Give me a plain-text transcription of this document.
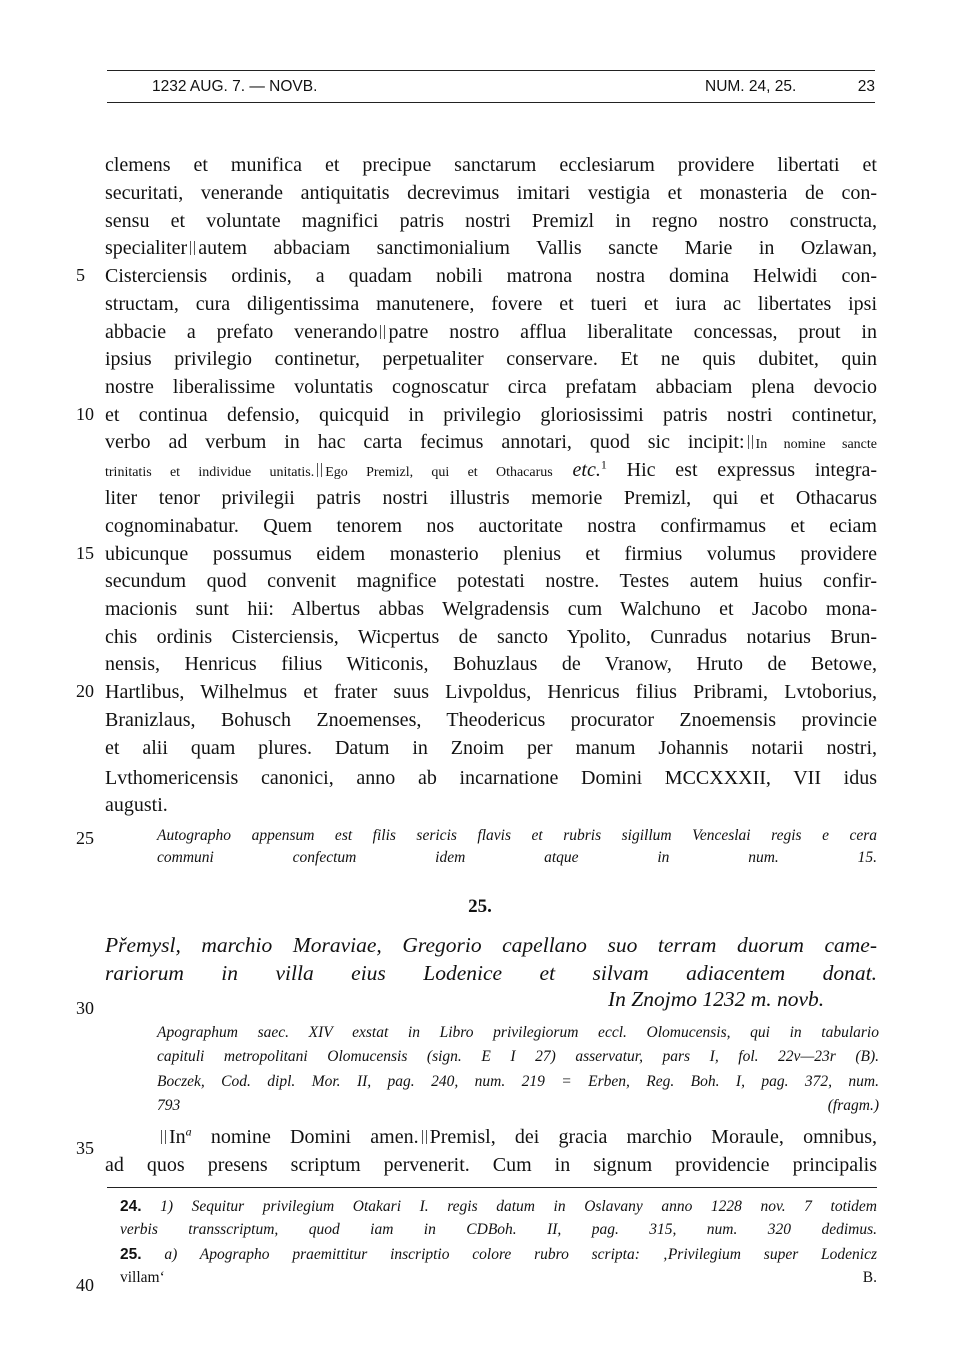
1232 AUG. 7. — NOVB.	NUM. 24, 25.	23
clemens et munifica et precipue sanctarum ecclesiarum providere libertati et
securitati, venerande antiquitatis decrevimus imitari vestigia et monasteria de con-
sensu et voluntate magnifici patris nostri Premizl in regno nostro constructa,
specialiter autem abbaciam sanctimonialium Vallis sancte Marie in Ozlawan,
5	Cisterciensis ordinis, a quadam nobili matrona nostra domina Helwidi con-
structam, cura diligentissima manutenere, fovere et tueri et iura ac libertates ipsi
abbacie a prefato venerando patre nostro afflua liberalitate concessas, prout in
ipsius privilegio continetur, perpetualiter conservare. Et ne quis dubitet, quin
nostre liberalissime voluntatis cognoscatur circa prefatam abbaciam plena devocio
10 et continua defensio, quicquid in privilegio gloriosissimi patris nostri continetur,
verbo ad verbum in hac carta fecimus annotari, quod sic incipit: In nomine sancte
trinitatis et individue unitatis. Ego Premizl, qui et Othacarus etc.$^1$ Hic est expressus integra-
liter tenor privilegii patris nostri illustris memorie Premizl, qui et Othacarus
cognominabatur. Quem tenorem nos auctoritate nostra confirmamus et eciam
15 ubicunque possumus eidem monasterio plenius et firmius volumus providere
secundum quod convenit magnifice potestati nostre. Testes autem huius confir-
macionis sunt hii: Albertus abbas Welgradensis cum Walchuno et Jacobo mona-
chis ordinis Cisterciensis, Wicpertus de sancto Ypolito, Cunradus notarius Brun-
nensis, Henricus filius Witiconis, Bohuzlaus de Vranow, Hruto de Betowe,
20 Hartlibus, Wilhelmus et frater suus Livpoldus, Henricus filius Pribrami, Lvtoborius,
Branizlaus, Bohusch Znoemenses, Theodericus procurator Znoemensis provincie
et alii quam plures. Datum in Znoim per manum Johannis notarii nostri,
Lvthomericensis canonici, anno ab incarnatione Domini MCCXXXII, VII idus
augusti.
25	Autographo appensum est filis sericis flavis et rubris sigillum Venceslai regis e cera
communi confectum idem atque in num. 15.
25.
Přemysl, marchio Moraviae, Gregorio capellano suo terram duorum came-
rariorum in villa eius Lodenice et silvam adiacentem donat.
30	In Znojmo 1232 m. novb.
Apographum saec. XIV exstat in Libro privilegiorum eccl. Olomucensis, qui in tabulario
capituli metropolitani Olomucensis (sign. E I 27) asservatur, pars I, fol. 22v—23r (B).
Boczek, Cod. dipl. Mor. II, pag. 240, num. 219 = Erben, Reg. Boh. I, pag. 372, num.
793 (fragm.)
35	In$^a$ nomine Domini amen. Premisl, dei gracia marchio Moraule, omnibus,
ad quos presens scriptum pervenerit. Cum in signum providencie principalis
24. 1) Sequitur privilegium Otakari I. regis datum in Oslavany anno 1228 nov. 7 totidem
verbis transscriptum, quod iam in CDBoh. II, pag. 315, num. 320 dedimus.
25. a) Apographo praemittitur inscriptio colore rubro scripta: ‚Privilegium super Lodenicz
40 villam‘ B.
